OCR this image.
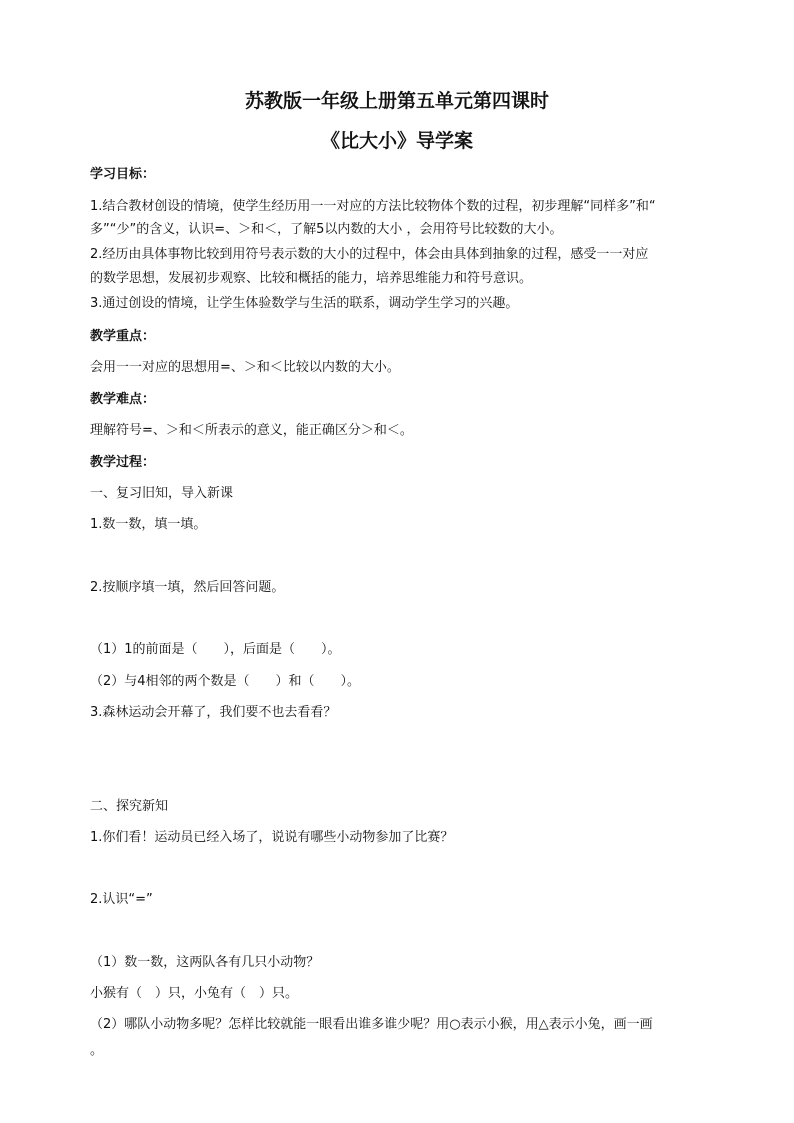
苏教版一年级上册第五单元第四课时
《比大小》导学案
学习目标：
1.结合教材创设的情境，使学生经历用一一对应的方法比较物体个数的过程，初步理解“同样多”和“
多”“少”的含义，认识=、＞和＜，了解5以内数的大小 ，会用符号比较数的大小。
2.经历由具体事物比较到用符号表示数的大小的过程中，体会由具体到抽象的过程，感受一一对应
的数学思想，发展初步观察、比较和概括的能力，培养思维能力和符号意识。
3.通过创设的情境，让学生体验数学与生活的联系，调动学生学习的兴趣。
教学重点：
会用一一对应的思想用=、＞和＜比较以内数的大小。
教学难点：
理解符号=、＞和＜所表示的意义，能正确区分＞和＜。
教学过程：
一、复习旧知，导入新课
1.数一数，填一填。
2.按顺序填一填，然后回答问题。
（1）1的前面是（　　），后面是（　　）。
（2）与4相邻的两个数是（　　）和（　　）。
3.森林运动会开幕了，我们要不也去看看？
二、探究新知
1.你们看！运动员已经入场了，说说有哪些小动物参加了比赛？
2.认识“=”
（1）数一数，这两队各有几只小动物？
小猴有（　）只，小兔有（　）只。
（2）哪队小动物多呢？怎样比较就能一眼看出谁多谁少呢？用○表示小猴，用△表示小兔，画一画
。
